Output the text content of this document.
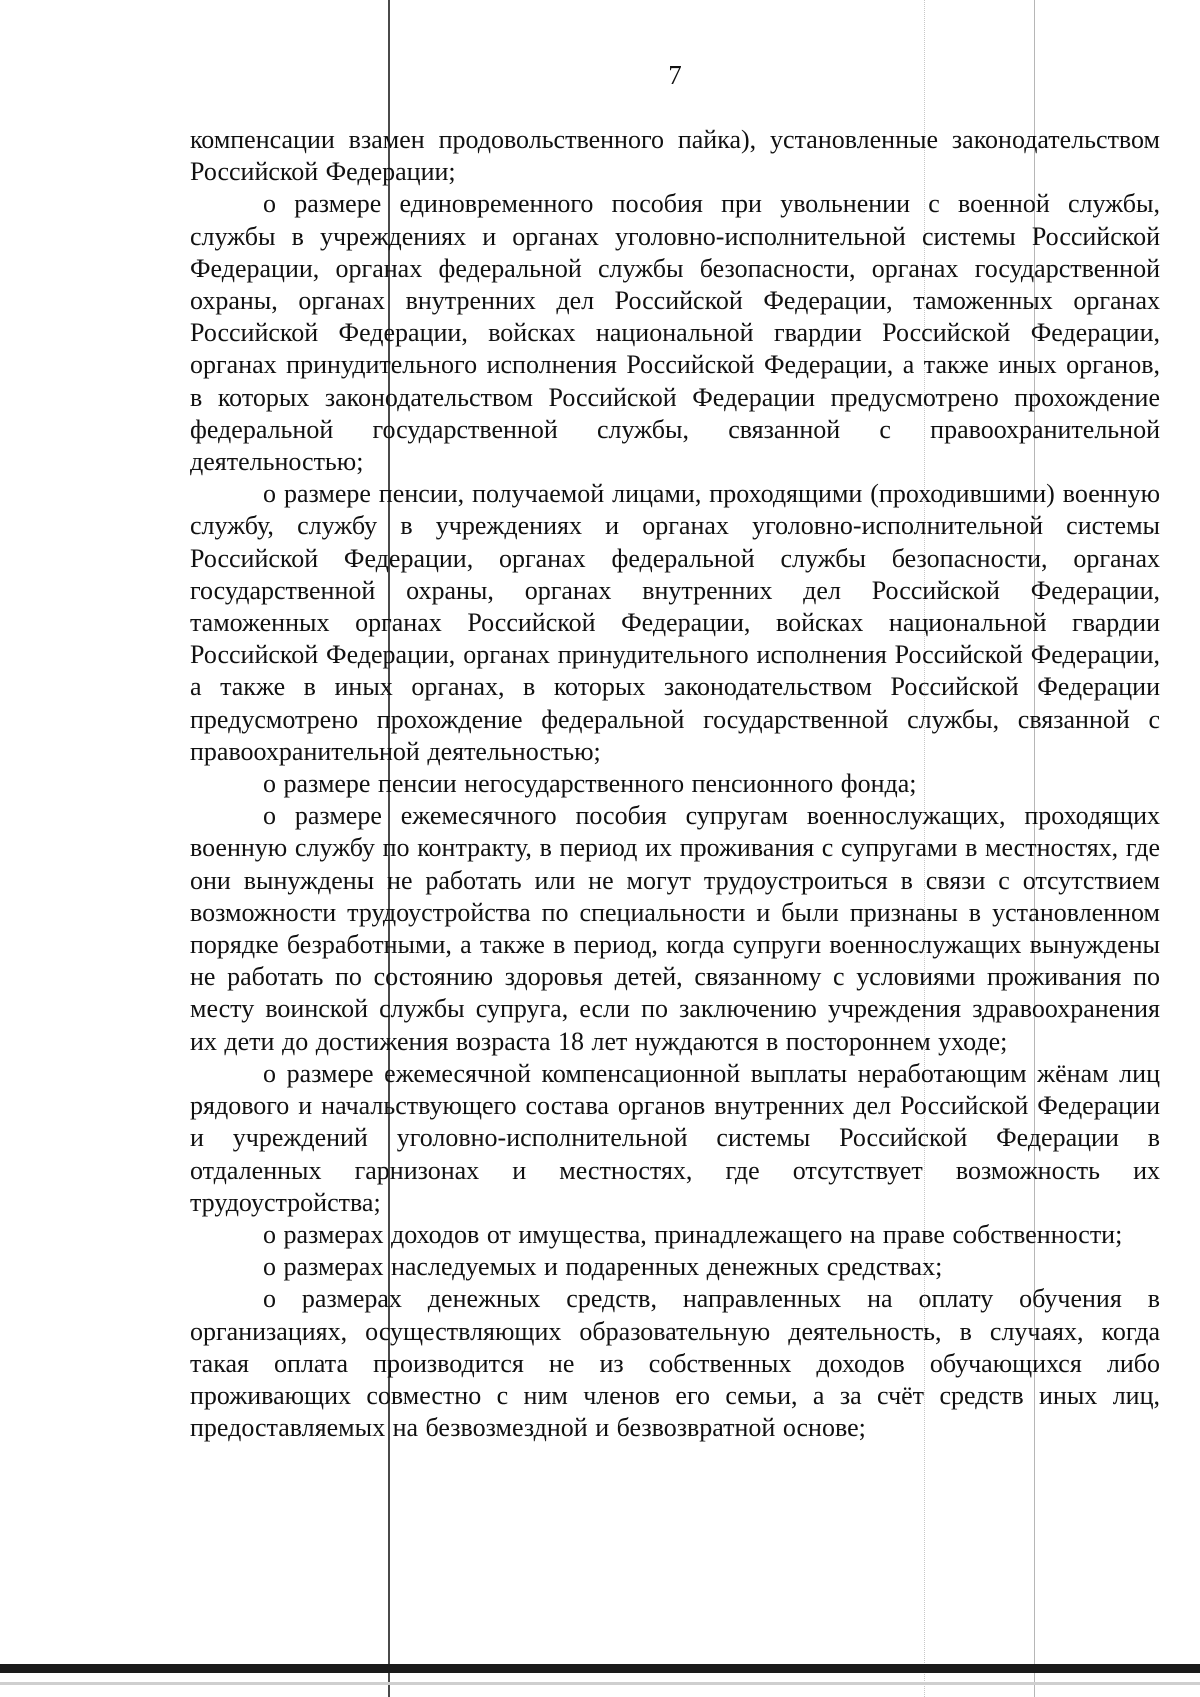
7

компенсации взамен продовольственного пайка), установленные законодательством Российской Федерации;

о размере единовременного пособия при увольнении с военной службы, службы в учреждениях и органах уголовно-исполнительной системы Российской Федерации, органах федеральной службы безопасности, органах государственной охраны, органах внутренних дел Российской Федерации, таможенных органах Российской Федерации, войсках национальной гвардии Российской Федерации, органах принудительного исполнения Российской Федерации, а также иных органов, в которых законодательством Российской Федерации предусмотрено прохождение федеральной государственной службы, связанной с правоохранительной деятельностью;

о размере пенсии, получаемой лицами, проходящими (проходившими) военную службу, службу в учреждениях и органах уголовно-исполнительной системы Российской Федерации, органах федеральной службы безопасности, органах государственной охраны, органах внутренних дел Российской Федерации, таможенных органах Российской Федерации, войсках национальной гвардии Российской Федерации, органах принудительного исполнения Российской Федерации, а также в иных органах, в которых законодательством Российской Федерации предусмотрено прохождение федеральной государственной службы, связанной с правоохранительной деятельностью;

о размере пенсии негосударственного пенсионного фонда;

о размере ежемесячного пособия супругам военнослужащих, проходящих военную службу по контракту, в период их проживания с супругами в местностях, где они вынуждены не работать или не могут трудоустроиться в связи с отсутствием возможности трудоустройства по специальности и были признаны в установленном порядке безработными, а также в период, когда супруги военнослужащих вынуждены не работать по состоянию здоровья детей, связанному с условиями проживания по месту воинской службы супруга, если по заключению учреждения здравоохранения их дети до достижения возраста 18 лет нуждаются в постороннем уходе;

о размере ежемесячной компенсационной выплаты неработающим жёнам лиц рядового и начальствующего состава органов внутренних дел Российской Федерации и учреждений уголовно-исполнительной системы Российской Федерации в отдаленных гарнизонах и местностях, где отсутствует возможность их трудоустройства;

о размерах доходов от имущества, принадлежащего на праве собственности;

о размерах наследуемых и подаренных денежных средствах;

о размерах денежных средств, направленных на оплату обучения в организациях, осуществляющих образовательную деятельность, в случаях, когда такая оплата производится не из собственных доходов обучающихся либо проживающих совместно с ним членов его семьи, а за счёт средств иных лиц, предоставляемых на безвозмездной и безвозвратной основе;
